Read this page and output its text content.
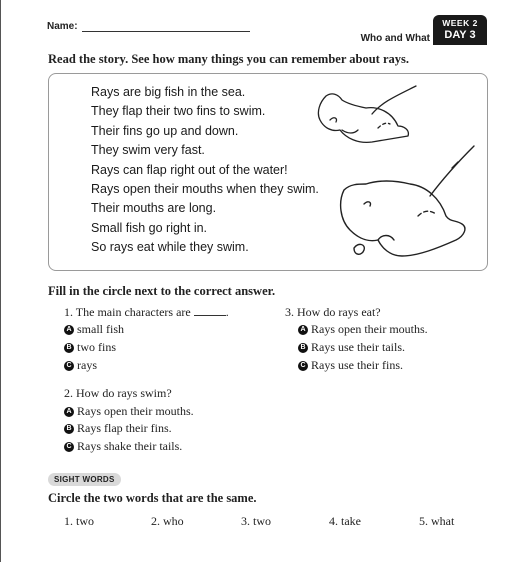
Name:
Who and What
WEEK 2
DAY 3
Read the story. See how many things you can remember about rays.
Rays are big fish in the sea.
They flap their two fins to swim.
Their fins go up and down.
They swim very fast.
Rays can flap right out of the water!
Rays open their mouths when they swim.
Their mouths are long.
Small fish go right in.
So rays eat while they swim.
Fill in the circle next to the correct answer.
1. The main characters are	.
A small fish
B two fins
C rays
2. How do rays swim?
A Rays open their mouths.
B Rays flap their fins.
C Rays shake their tails.
3. How do rays eat?
A Rays open their mouths.
B Rays use their tails.
C Rays use their fins.
SIGHT WORDS
Circle the two words that are the same.
1. two	2. who	3. two	4. take	5. what
